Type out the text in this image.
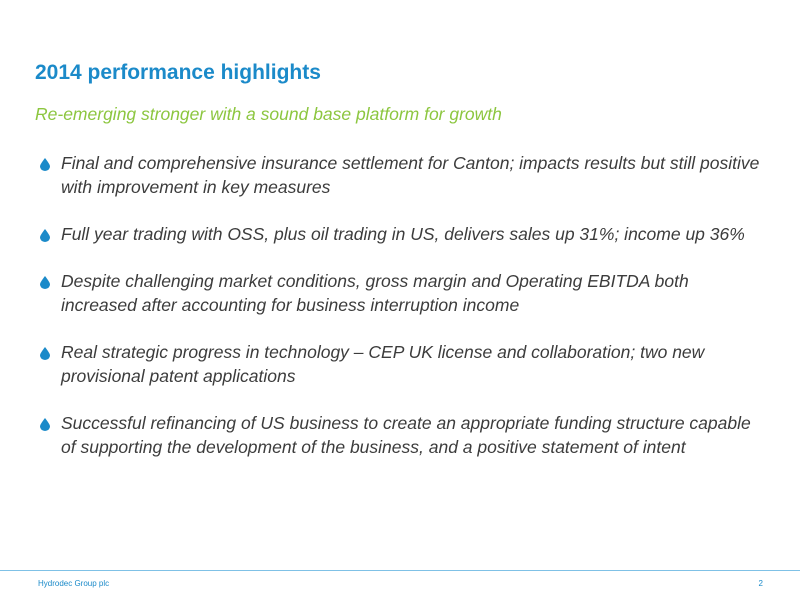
2014 performance highlights

Re-emerging stronger with a sound base platform for growth

Final and comprehensive insurance settlement for Canton; impacts results but still positive with improvement in key measures
Full year trading with OSS, plus oil trading in US, delivers sales up 31%; income up 36%
Despite challenging market conditions, gross margin and Operating EBITDA both increased after accounting for business interruption income
Real strategic progress in technology – CEP UK license and collaboration; two new provisional patent applications
Successful refinancing of US business to create an appropriate funding structure capable of supporting the development of the business, and a positive statement of intent
Hydrodec Group plc	2
